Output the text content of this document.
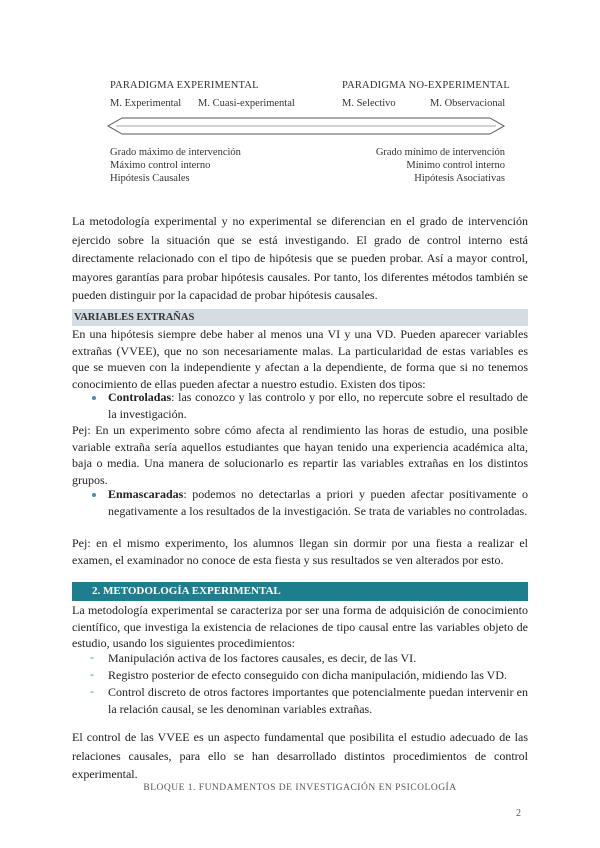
PARADIGMA EXPERIMENTAL	PARADIGMA NO-EXPERIMENTAL
M. Experimental M. Cuasi-experimental	M. Selectivo	M. Observacional
Grado máximo de intervención
Máximo control interno
Hipótesis Causales
Grado mínimo de intervención
Mínimo control interno
Hipótesis Asociativas
La metodología experimental y no experimental se diferencian en el grado de intervención ejercido sobre la situación que se está investigando. El grado de control interno está directamente relacionado con el tipo de hipótesis que se pueden probar. Así a mayor control, mayores garantías para probar hipótesis causales. Por tanto, los diferentes métodos también se pueden distinguir por la capacidad de probar hipótesis causales.
VARIABLES EXTRAÑAS
En una hipótesis siempre debe haber al menos una VI y una VD. Pueden aparecer variables extrañas (VVEE), que no son necesariamente malas. La particularidad de estas variables es que se mueven con la independiente y afectan a la dependiente, de forma que si no tenemos conocimiento de ellas pueden afectar a nuestro estudio. Existen dos tipos:
Controladas: las conozco y las controlo y por ello, no repercute sobre el resultado de la investigación.
Pej: En un experimento sobre cómo afecta al rendimiento las horas de estudio, una posible variable extraña sería aquellos estudiantes que hayan tenido una experiencia académica alta, baja o media. Una manera de solucionarlo es repartir las variables extrañas en los distintos grupos.
Enmascaradas: podemos no detectarlas a priori y pueden afectar positivamente o negativamente a los resultados de la investigación. Se trata de variables no controladas.
Pej: en el mismo experimento, los alumnos llegan sin dormir por una fiesta a realizar el examen, el examinador no conoce de esta fiesta y sus resultados se ven alterados por esto.
2. METODOLOGÍA EXPERIMENTAL
La metodología experimental se caracteriza por ser una forma de adquisición de conocimiento científico, que investiga la existencia de relaciones de tipo causal entre las variables objeto de estudio, usando los siguientes procedimientos:
- Manipulación activa de los factores causales, es decir, de las VI.
- Registro posterior de efecto conseguido con dicha manipulación, midiendo las VD.
- Control discreto de otros factores importantes que potencialmente puedan intervenir en la relación causal, se les denominan variables extrañas.
El control de las VVEE es un aspecto fundamental que posibilita el estudio adecuado de las relaciones causales, para ello se han desarrollado distintos procedimientos de control experimental.
BLOQUE 1. FUNDAMENTOS DE INVESTIGACIÓN EN PSICOLOGÍA
2
